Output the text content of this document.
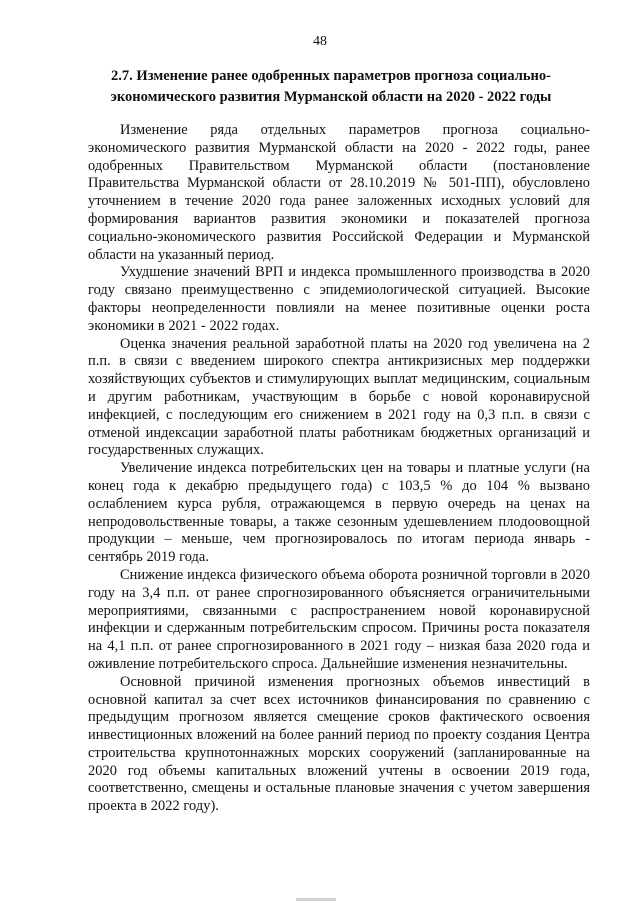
48
2.7. Изменение ранее одобренных параметров прогноза социально-экономического развития Мурманской области на 2020 - 2022 годы

Изменение ряда отдельных параметров прогноза социально-экономического развития Мурманской области на 2020 - 2022 годы, ранее одобренных Правительством Мурманской области (постановление Правительства Мурманской области от 28.10.2019 № 501-ПП), обусловлено уточнением в течение 2020 года ранее заложенных исходных условий для формирования вариантов развития экономики и показателей прогноза социально-экономического развития Российской Федерации и Мурманской области на указанный период.

Ухудшение значений ВРП и индекса промышленного производства в 2020 году связано преимущественно с эпидемиологической ситуацией. Высокие факторы неопределенности повлияли на менее позитивные оценки роста экономики в 2021 - 2022 годах.

Оценка значения реальной заработной платы на 2020 год увеличена на 2 п.п. в связи с введением широкого спектра антикризисных мер поддержки хозяйствующих субъектов и стимулирующих выплат медицинским, социальным и другим работникам, участвующим в борьбе с новой коронавирусной инфекцией, с последующим его снижением в 2021 году на 0,3 п.п. в связи с отменой индексации заработной платы работникам бюджетных организаций и государственных служащих.

Увеличение индекса потребительских цен на товары и платные услуги (на конец года к декабрю предыдущего года) с 103,5 % до 104 % вызвано ослаблением курса рубля, отражающемся в первую очередь на ценах на непродовольственные товары, а также сезонным удешевлением плодоовощной продукции – меньше, чем прогнозировалось по итогам периода январь - сентябрь 2019 года.

Снижение индекса физического объема оборота розничной торговли в 2020 году на 3,4 п.п. от ранее спрогнозированного объясняется ограничительными мероприятиями, связанными с распространением новой коронавирусной инфекции и сдержанным потребительским спросом. Причины роста показателя на 4,1 п.п. от ранее спрогнозированного в 2021 году – низкая база 2020 года и оживление потребительского спроса. Дальнейшие изменения незначительны.

Основной причиной изменения прогнозных объемов инвестиций в основной капитал за счет всех источников финансирования по сравнению с предыдущим прогнозом является смещение сроков фактического освоения инвестиционных вложений на более ранний период по проекту создания Центра строительства крупнотоннажных морских сооружений (запланированные на 2020 год объемы капитальных вложений учтены в освоении 2019 года, соответственно, смещены и остальные плановые значения с учетом завершения проекта в 2022 году).
